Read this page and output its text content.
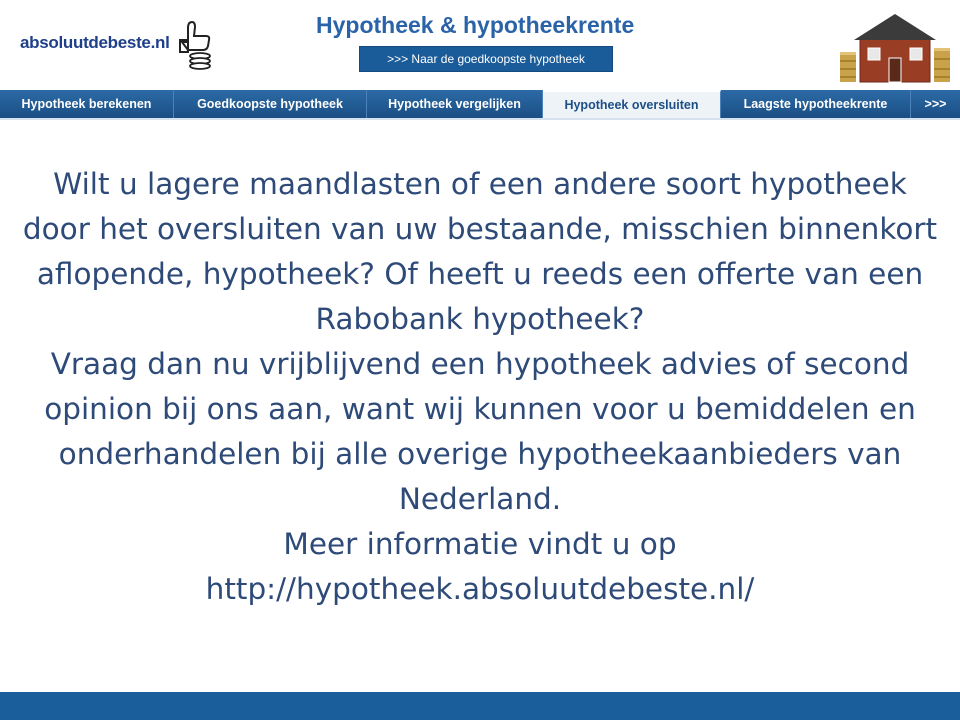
absoluutdebeste.nl
Hypotheek & hypotheekrente
>>> Naar de goedkoopste hypotheek
Hypotheek berekenen	Goedkoopste hypotheek	Hypotheek vergelijken	Hypotheek oversluiten	Laagste hypotheekrente	>>>

Wilt u lagere maandlasten of een andere soort hypotheek door het oversluiten van uw bestaande, misschien binnenkort aflopende, hypotheek? Of heeft u reeds een offerte van een Rabobank hypotheek?

Vraag dan nu vrijblijvend een hypotheek advies of second opinion bij ons aan, want wij kunnen voor u bemiddelen en onderhandelen bij alle overige hypotheekaanbieders van Nederland.

Meer informatie vindt u op

http://hypotheek.absoluutdebeste.nl/
